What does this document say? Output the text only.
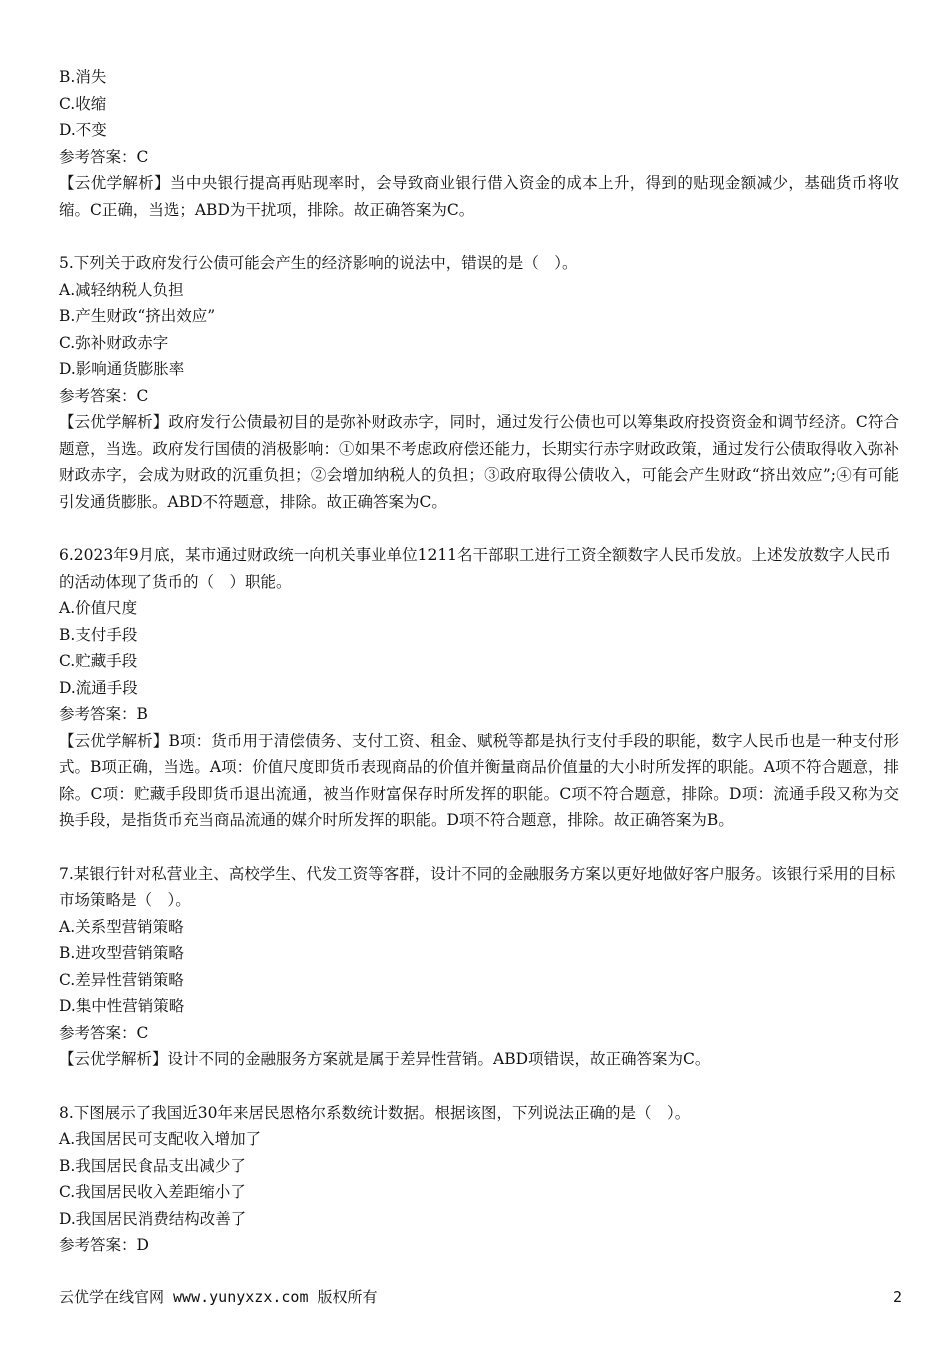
B.消失
C.收缩
D.不变
参考答案：C
【云优学解析】当中央银行提高再贴现率时，会导致商业银行借入资金的成本上升，得到的贴现金额减少，基础货币将收缩。C正确，当选；ABD为干扰项，排除。故正确答案为C。
5.下列关于政府发行公债可能会产生的经济影响的说法中，错误的是（　）。
A.减轻纳税人负担
B.产生财政“挤出效应”
C.弥补财政赤字
D.影响通货膨胀率
参考答案：C
【云优学解析】政府发行公债最初目的是弥补财政赤字，同时，通过发行公债也可以筹集政府投资资金和调节经济。C符合题意，当选。政府发行国债的消极影响：①如果不考虑政府偿还能力，长期实行赤字财政政策，通过发行公债取得收入弥补财政赤字，会成为财政的沉重负担；②会增加纳税人的负担；③政府取得公债收入，可能会产生财政“挤出效应”;④有可能引发通货膨胀。ABD不符题意，排除。故正确答案为C。
6.2023年9月底，某市通过财政统一向机关事业单位1211名干部职工进行工资全额数字人民币发放。上述发放数字人民币的活动体现了货币的（　）职能。
A.价值尺度
B.支付手段
C.贮藏手段
D.流通手段
参考答案：B
【云优学解析】B项：货币用于清偿债务、支付工资、租金、赋税等都是执行支付手段的职能，数字人民币也是一种支付形式。B项正确，当选。A项：价值尺度即货币表现商品的价值并衡量商品价值量的大小时所发挥的职能。A项不符合题意，排除。C项：贮藏手段即货币退出流通，被当作财富保存时所发挥的职能。C项不符合题意，排除。D项：流通手段又称为交换手段，是指货币充当商品流通的媒介时所发挥的职能。D项不符合题意，排除。故正确答案为B。
7.某银行针对私营业主、高校学生、代发工资等客群，设计不同的金融服务方案以更好地做好客户服务。该银行采用的目标市场策略是（　）。
A.关系型营销策略
B.进攻型营销策略
C.差异性营销策略
D.集中性营销策略
参考答案：C
【云优学解析】设计不同的金融服务方案就是属于差异性营销。ABD项错误，故正确答案为C。
8.下图展示了我国近30年来居民恩格尔系数统计数据。根据该图，下列说法正确的是（　）。
A.我国居民可支配收入增加了
B.我国居民食品支出减少了
C.我国居民收入差距缩小了
D.我国居民消费结构改善了
参考答案：D
云优学在线官网 www.yunyxzx.com 版权所有	2
